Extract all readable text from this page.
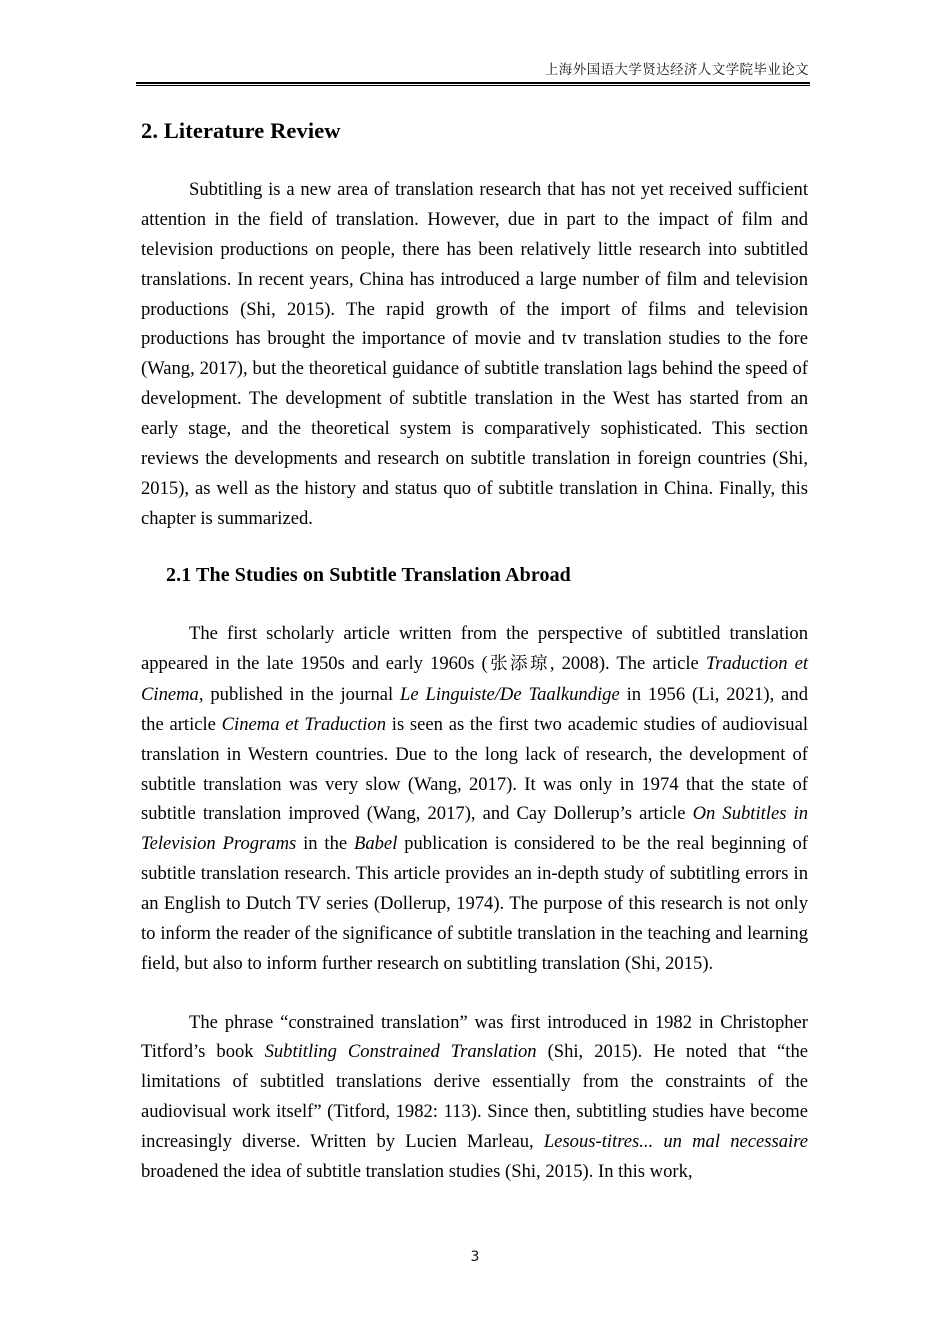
上海外国语大学贤达经济人文学院毕业论文
2. Literature Review

Subtitling is a new area of translation research that has not yet received sufficient attention in the field of translation. However, due in part to the impact of film and television productions on people, there has been relatively little research into subtitled translations. In recent years, China has introduced a large number of film and television productions (Shi, 2015). The rapid growth of the import of films and television productions has brought the importance of movie and tv translation studies to the fore (Wang, 2017), but the theoretical guidance of subtitle translation lags behind the speed of development. The development of subtitle translation in the West has started from an early stage, and the theoretical system is comparatively sophisticated. This section reviews the developments and research on subtitle translation in foreign countries (Shi, 2015), as well as the history and status quo of subtitle translation in China. Finally, this chapter is summarized.

2.1 The Studies on Subtitle Translation Abroad

The first scholarly article written from the perspective of subtitled translation appeared in the late 1950s and early 1960s (张添琼, 2008). The article Traduction et Cinema, published in the journal Le Linguiste/De Taalkundige in 1956 (Li, 2021), and the article Cinema et Traduction is seen as the first two academic studies of audiovisual translation in Western countries. Due to the long lack of research, the development of subtitle translation was very slow (Wang, 2017). It was only in 1974 that the state of subtitle translation improved (Wang, 2017), and Cay Dollerup’s article On Subtitles in Television Programs in the Babel publication is considered to be the real beginning of subtitle translation research. This article provides an in-depth study of subtitling errors in an English to Dutch TV series (Dollerup, 1974). The purpose of this research is not only to inform the reader of the significance of subtitle translation in the teaching and learning field, but also to inform further research on subtitling translation (Shi, 2015).

The phrase “constrained translation” was first introduced in 1982 in Christopher Titford’s book Subtitling Constrained Translation (Shi, 2015). He noted that “the limitations of subtitled translations derive essentially from the constraints of the audiovisual work itself” (Titford, 1982: 113). Since then, subtitling studies have become increasingly diverse. Written by Lucien Marleau, Lesous-titres... un mal necessaire broadened the idea of subtitle translation studies (Shi, 2015). In this work,

3
